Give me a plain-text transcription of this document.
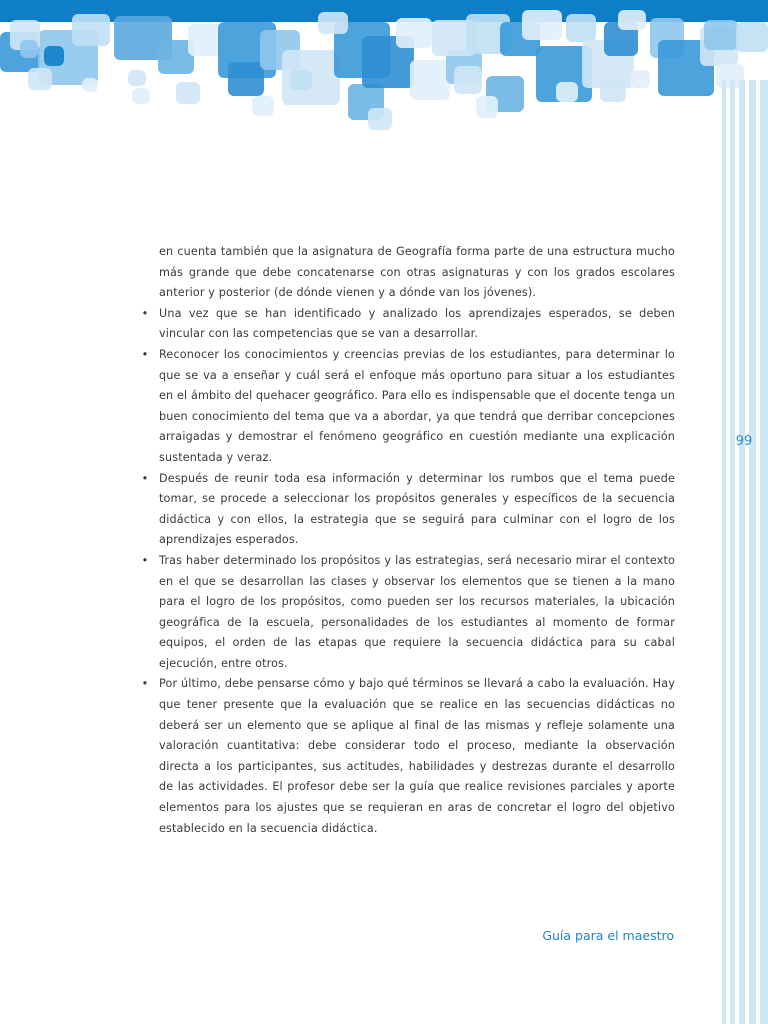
99

en cuenta también que la asignatura de Geografía forma parte de una estructura mucho más grande que debe concatenarse con otras asignaturas y con los grados escolares anterior y posterior (de dónde vienen y a dónde van los jóvenes).

• Una vez que se han identificado y analizado los aprendizajes esperados, se deben vincular con las competencias que se van a desarrollar.
• Reconocer los conocimientos y creencias previas de los estudiantes, para determinar lo que se va a enseñar y cuál será el enfoque más oportuno para situar a los estudiantes en el ámbito del quehacer geográfico. Para ello es indispensable que el docente tenga un buen conocimiento del tema que va a abordar, ya que tendrá que derribar concepciones arraigadas y demostrar el fenómeno geográfico en cuestión mediante una explicación sustentada y veraz.
• Después de reunir toda esa información y determinar los rumbos que el tema puede tomar, se procede a seleccionar los propósitos generales y específicos de la secuencia didáctica y con ellos, la estrategia que se seguirá para culminar con el logro de los aprendizajes esperados.
• Tras haber determinado los propósitos y las estrategias, será necesario mirar el contexto en el que se desarrollan las clases y observar los elementos que se tienen a la mano para el logro de los propósitos, como pueden ser los recursos materiales, la ubicación geográfica de la escuela, personalidades de los estudiantes al momento de formar equipos, el orden de las etapas que requiere la secuencia didáctica para su cabal ejecución, entre otros.
• Por último, debe pensarse cómo y bajo qué términos se llevará a cabo la evaluación. Hay que tener presente que la evaluación que se realice en las secuencias didácticas no deberá ser un elemento que se aplique al final de las mismas y refleje solamente una valoración cuantitativa: debe considerar todo el proceso, mediante la observación directa a los participantes, sus actitudes, habilidades y destrezas durante el desarrollo de las actividades. El profesor debe ser la guía que realice revisiones parciales y aporte elementos para los ajustes que se requieran en aras de concretar el logro del objetivo establecido en la secuencia didáctica.
Guía para el maestro
